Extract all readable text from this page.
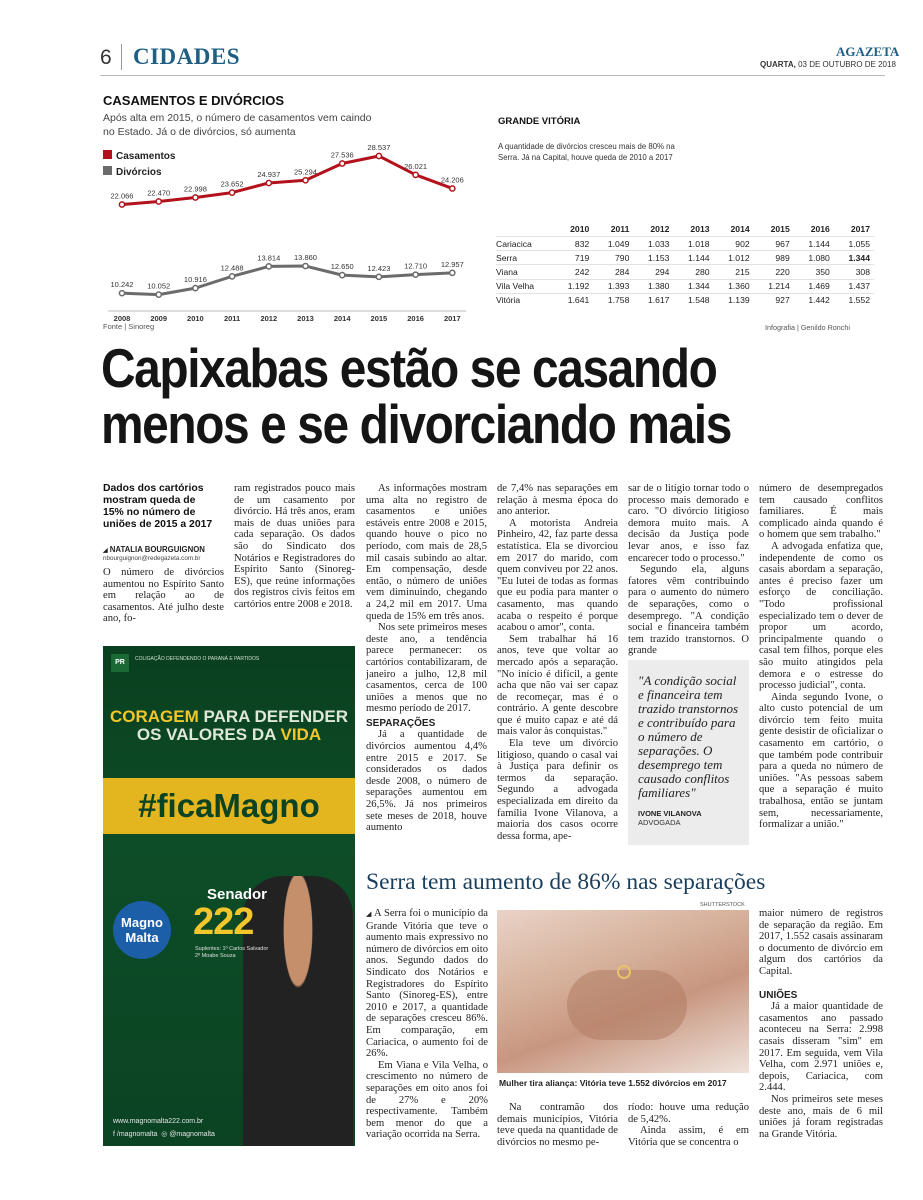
6 CIDADES	AGAZETA
QUARTA, 03 DE OUTUBRO DE 2018
CASAMENTOS E DIVÓRCIOS
Após alta em 2015, o número de casamentos vem caindo
no Estado. Já o de divórcios, só aumenta
Casamentos
Divórcios
2008	2009	2010	2011	2012	2013	2014	2015	2016	2017
22.066 22.470 22.998
23.652
24.937 25.294
27.536
28.537
26.021
24.206
10.242 10.052
10.916
12.488
13.814 13.860
12.650 12.423 12.710 12.957
Fonte | Sinoreg
GRANDE VITÓRIA
A quantidade de divórcios cresceu mais de 80% na
Serra. Já na Capital, houve queda de 2010 a 2017
	2010	2011	2012	2013	2014	2015	2016	2017
Cariacica	832	1.049	1.033	1.018	902	967	1.144	1.055
Serra	719	790	1.153	1.144	1.012	989	1.080	1.344
Viana	242	284	294	280	215	220	350	308
Vila Velha	1.192	1.393	1.380	1.344	1.360	1.214	1.469	1.437
Vitória	1.641	1.758	1.617	1.548	1.139	927	1.442	1.552
Infografia | Genildo Ronchi
Capixabas estão se casando
menos e se divorciando mais
Dados dos cartórios mostram queda de 15% no número de uniões de 2015 a 2017
◢ NATALIA BOURGUIGNON
nbourguignon@redegazeta.com.br

O número de divórcios aumentou no Espírito Santo em relação ao de casamentos. Até julho deste ano, fo-

ram registrados pouco mais de um casamento por divórcio. Há três anos, eram mais de duas uniões para cada separação. Os dados são do Sindicato dos Notários e Registradores do Espírito Santo (Sinoreg-ES), que reúne informações dos registros civis feitos em cartórios entre 2008 e 2018.

As informações mostram uma alta no registro de casamentos e uniões estáveis entre 2008 e 2015, quando houve o pico no período, com mais de 28,5 mil casais subindo ao altar. Em compensação, desde então, o número de uniões vem diminuindo, chegando a 24,2 mil em 2017. Uma queda de 15% em três anos.

Nos sete primeiros meses deste ano, a tendência parece permanecer: os cartórios contabilizaram, de janeiro a julho, 12,8 mil casamentos, cerca de 100 uniões a menos que no mesmo período de 2017.

SEPARAÇÕES

Já a quantidade de divórcios aumentou 4,4% entre 2015 e 2017. Se considerados os dados desde 2008, o número de separações aumentou em 26,5%. Já nos primeiros sete meses de 2018, houve aumento

de 7,4% nas separações em relação à mesma época do ano anterior.

A motorista Andreia Pinheiro, 42, faz parte dessa estatística. Ela se divorciou em 2017 do marido, com quem conviveu por 22 anos. "Eu lutei de todas as formas que eu podia para manter o casamento, mas quando acaba o respeito é porque acabou o amor", conta.

Sem trabalhar há 16 anos, teve que voltar ao mercado após a separação. "No início é difícil, a gente acha que não vai ser capaz de recomeçar, mas é o contrário. A gente descobre que é muito capaz e até dá mais valor às conquistas."

Ela teve um divórcio litigioso, quando o casal vai à Justiça para definir os termos da separação. Segundo a advogada especializada em direito da família Ivone Vilanova, a maioria dos casos ocorre dessa forma, ape-

sar de o litígio tornar todo o processo mais demorado e caro. "O divórcio litigioso demora muito mais. A decisão da Justiça pode levar anos, e isso faz encarecer todo o processo."

Segundo ela, alguns fatores vêm contribuindo para o aumento do número de separações, como o desemprego. "A condição social e financeira também tem trazido transtornos. O grande

"A condição social e financeira tem trazido transtornos e contribuído para o número de separações. O desemprego tem causado conflitos familiares"
IVONE VILANOVA
ADVOGADA

número de desempregados tem causado conflitos familiares. É mais complicado ainda quando é o homem que sem trabalho."

A advogada enfatiza que, independente de como os casais abordam a separação, antes é preciso fazer um esforço de conciliação. "Todo profissional especializado tem o dever de propor um acordo, principalmente quando o casal tem filhos, porque eles são muito atingidos pela demora e o estresse do processo judicial", conta.

Ainda segundo Ivone, o alto custo potencial de um divórcio tem feito muita gente desistir de oficializar o casamento em cartório, o que também pode contribuir para a queda no número de uniões. "As pessoas sabem que a separação é muito trabalhosa, então se juntam sem, necessariamente, formalizar a união."

PR	COLIGAÇÃO DEFENDENDO O PARANÁ E PARTIDOS
CORAGEM PARA DEFENDER
OS VALORES DA VIDA
#ficaMagno
Magno
Malta
Senador
222
Suplentes: 1º Carlos Salvador
2º Moabe Souza
www.magnomalta222.com.br
f /magnomalta ◎ @magnomalta
Serra tem aumento de 86% nas separações

◢ A Serra foi o município da Grande Vitória que teve o aumento mais expressivo no número de divórcios em oito anos. Segundo dados do Sindicato dos Notários e Registradores do Espírito Santo (Sinoreg-ES), entre 2010 e 2017, a quantidade de separações cresceu 86%. Em comparação, em Cariacica, o aumento foi de 26%.

Em Viana e Vila Velha, o crescimento no número de separações em oito anos foi de 27% e 20% respectivamente. Também bem menor do que a variação ocorrida na Serra.

SHUTTERSTOCK
Mulher tira aliança: Vitória teve 1.552 divórcios em 2017

Na contramão dos demais municípios, Vitória teve queda na quantidade de divórcios no mesmo pe-

ríodo: houve uma redução de 5,42%.

Ainda assim, é em Vitória que se concentra o

maior número de registros de separação da região. Em 2017, 1.552 casais assinaram o documento de divórcio em algum dos cartórios da Capital.

UNIÕES

Já a maior quantidade de casamentos ano passado aconteceu na Serra: 2.998 casais disseram "sim" em 2017. Em seguida, vem Vila Velha, com 2.971 uniões e, depois, Cariacica, com 2.444.

Nos primeiros sete meses deste ano, mais de 6 mil uniões já foram registradas na Grande Vitória.
